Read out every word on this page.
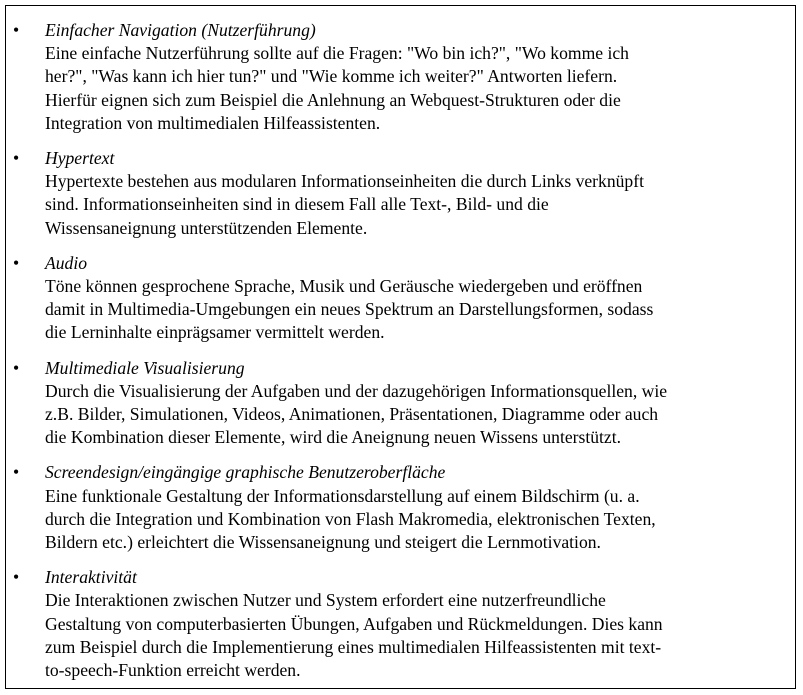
• Einfacher Navigation (Nutzerführung)
Eine einfache Nutzerführung sollte auf die Fragen: "Wo bin ich?", "Wo komme ich
her?", "Was kann ich hier tun?" und "Wie komme ich weiter?" Antworten liefern.
Hierfür eignen sich zum Beispiel die Anlehnung an Webquest-Strukturen oder die
Integration von multimedialen Hilfeassistenten.
• Hypertext
Hypertexte bestehen aus modularen Informationseinheiten die durch Links verknüpft
sind. Informationseinheiten sind in diesem Fall alle Text-, Bild- und die
Wissensaneignung unterstützenden Elemente.
• Audio
Töne können gesprochene Sprache, Musik und Geräusche wiedergeben und eröffnen
damit in Multimedia-Umgebungen ein neues Spektrum an Darstellungsformen, sodass
die Lerninhalte einprägsamer vermittelt werden.
• Multimediale Visualisierung
Durch die Visualisierung der Aufgaben und der dazugehörigen Informationsquellen, wie
z.B. Bilder, Simulationen, Videos, Animationen, Präsentationen, Diagramme oder auch
die Kombination dieser Elemente, wird die Aneignung neuen Wissens unterstützt.
• Screendesign/eingängige graphische Benutzeroberfläche
Eine funktionale Gestaltung der Informationsdarstellung auf einem Bildschirm (u. a.
durch die Integration und Kombination von Flash Makromedia, elektronischen Texten,
Bildern etc.) erleichtert die Wissensaneignung und steigert die Lernmotivation.
• Interaktivität
Die Interaktionen zwischen Nutzer und System erfordert eine nutzerfreundliche
Gestaltung von computerbasierten Übungen, Aufgaben und Rückmeldungen. Dies kann
zum Beispiel durch die Implementierung eines multimedialen Hilfeassistenten mit text-
to-speech-Funktion erreicht werden.
